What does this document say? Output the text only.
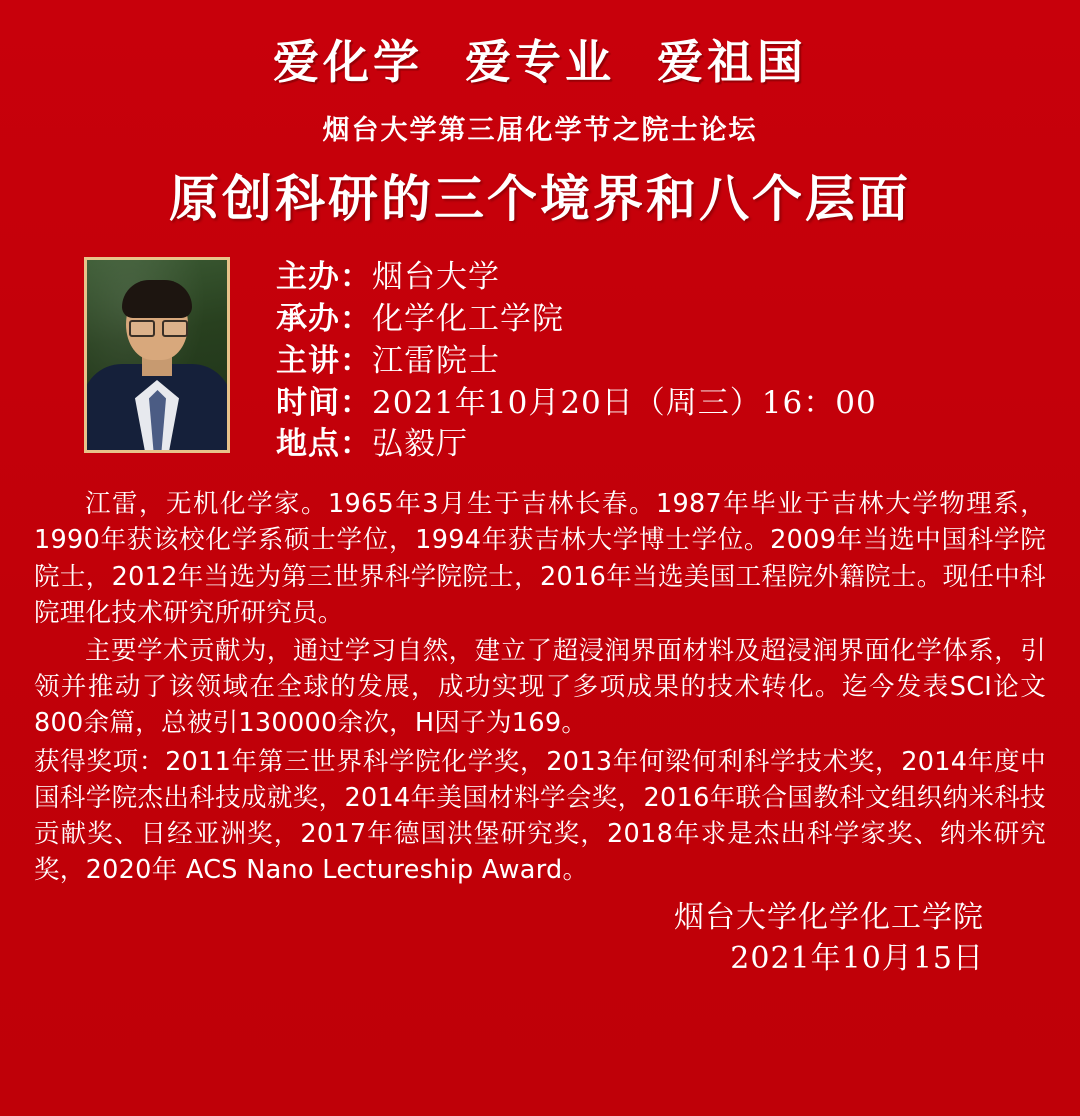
爱化学 爱专业 爱祖国
烟台大学第三届化学节之院士论坛
原创科研的三个境界和八个层面
主办：烟台大学
承办：化学化工学院
主讲：江雷院士
时间：2021年10月20日（周三）16：00
地点：弘毅厅

江雷，无机化学家。1965年3月生于吉林长春。1987年毕业于吉林大学物理系，1990年获该校化学系硕士学位，1994年获吉林大学博士学位。2009年当选中国科学院院士，2012年当选为第三世界科学院院士，2016年当选美国工程院外籍院士。现任中科院理化技术研究所研究员。

主要学术贡献为，通过学习自然，建立了超浸润界面材料及超浸润界面化学体系，引领并推动了该领域在全球的发展，成功实现了多项成果的技术转化。迄今发表SCI论文800余篇，总被引130000余次，H因子为169。

获得奖项：2011年第三世界科学院化学奖，2013年何梁何利科学技术奖，2014年度中国科学院杰出科技成就奖，2014年美国材料学会奖，2016年联合国教科文组织纳米科技贡献奖、日经亚洲奖，2017年德国洪堡研究奖，2018年求是杰出科学家奖、纳米研究奖，2020年 ACS Nano Lectureship Award。

烟台大学化学化工学院
2021年10月15日
